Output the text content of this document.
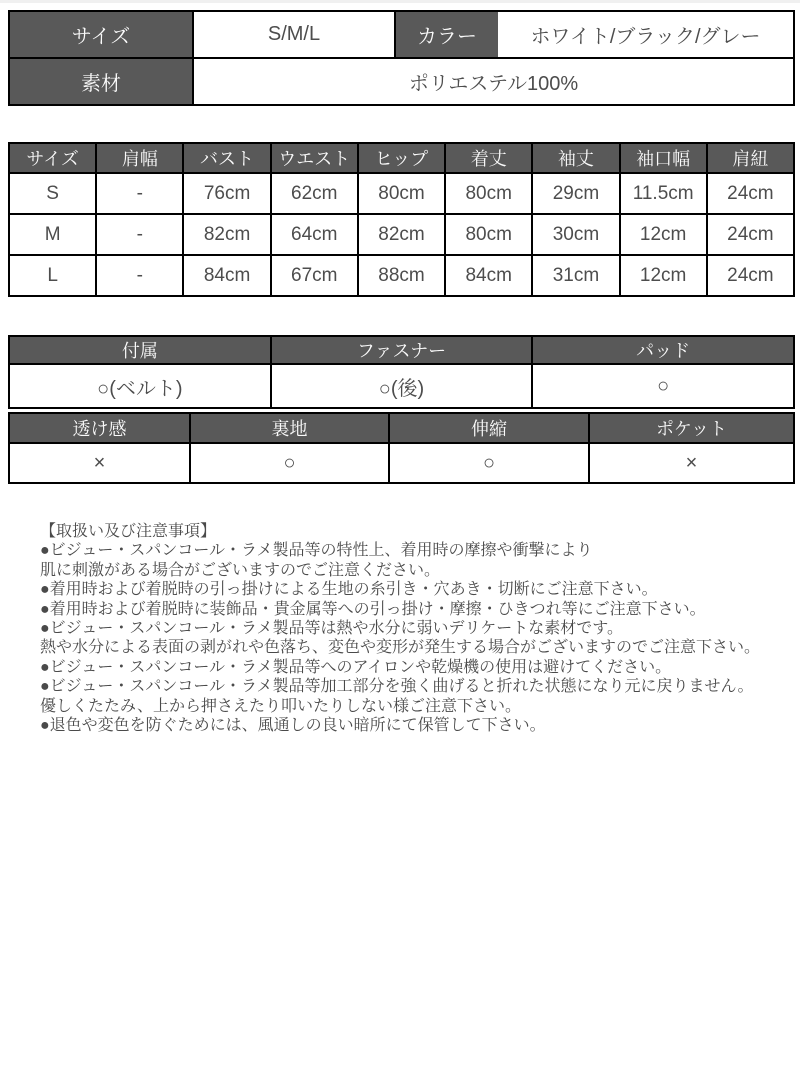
サイズ	S/M/L	カラー	ホワイト/ブラック/グレー
素材	ポリエステル100%		
サイズ	肩幅	バスト	ウエスト	ヒップ	着丈	袖丈	袖口幅	肩紐
S	-	76cm	62cm	80cm	80cm	29cm	11.5cm	24cm
M	-	82cm	64cm	82cm	80cm	30cm	12cm	24cm
L	-	84cm	67cm	88cm	84cm	31cm	12cm	24cm
付属	ファスナー	パッド
○(ベルト)	○(後)	○
透け感	裏地	伸縮	ポケット
×	○	○	×
【取扱い及び注意事項】
●ビジュー・スパンコール・ラメ製品等の特性上、着用時の摩擦や衝撃により
肌に刺激がある場合がございますのでご注意ください。
●着用時および着脱時の引っ掛けによる生地の糸引き・穴あき・切断にご注意下さい。
●着用時および着脱時に装飾品・貴金属等への引っ掛け・摩擦・ひきつれ等にご注意下さい。
●ビジュー・スパンコール・ラメ製品等は熱や水分に弱いデリケートな素材です。
熱や水分による表面の剥がれや色落ち、変色や変形が発生する場合がございますのでご注意下さい。
●ビジュー・スパンコール・ラメ製品等へのアイロンや乾燥機の使用は避けてください。
●ビジュー・スパンコール・ラメ製品等加工部分を強く曲げると折れた状態になり元に戻りません。
優しくたたみ、上から押さえたり叩いたりしない様ご注意下さい。
●退色や変色を防ぐためには、風通しの良い暗所にて保管して下さい。
